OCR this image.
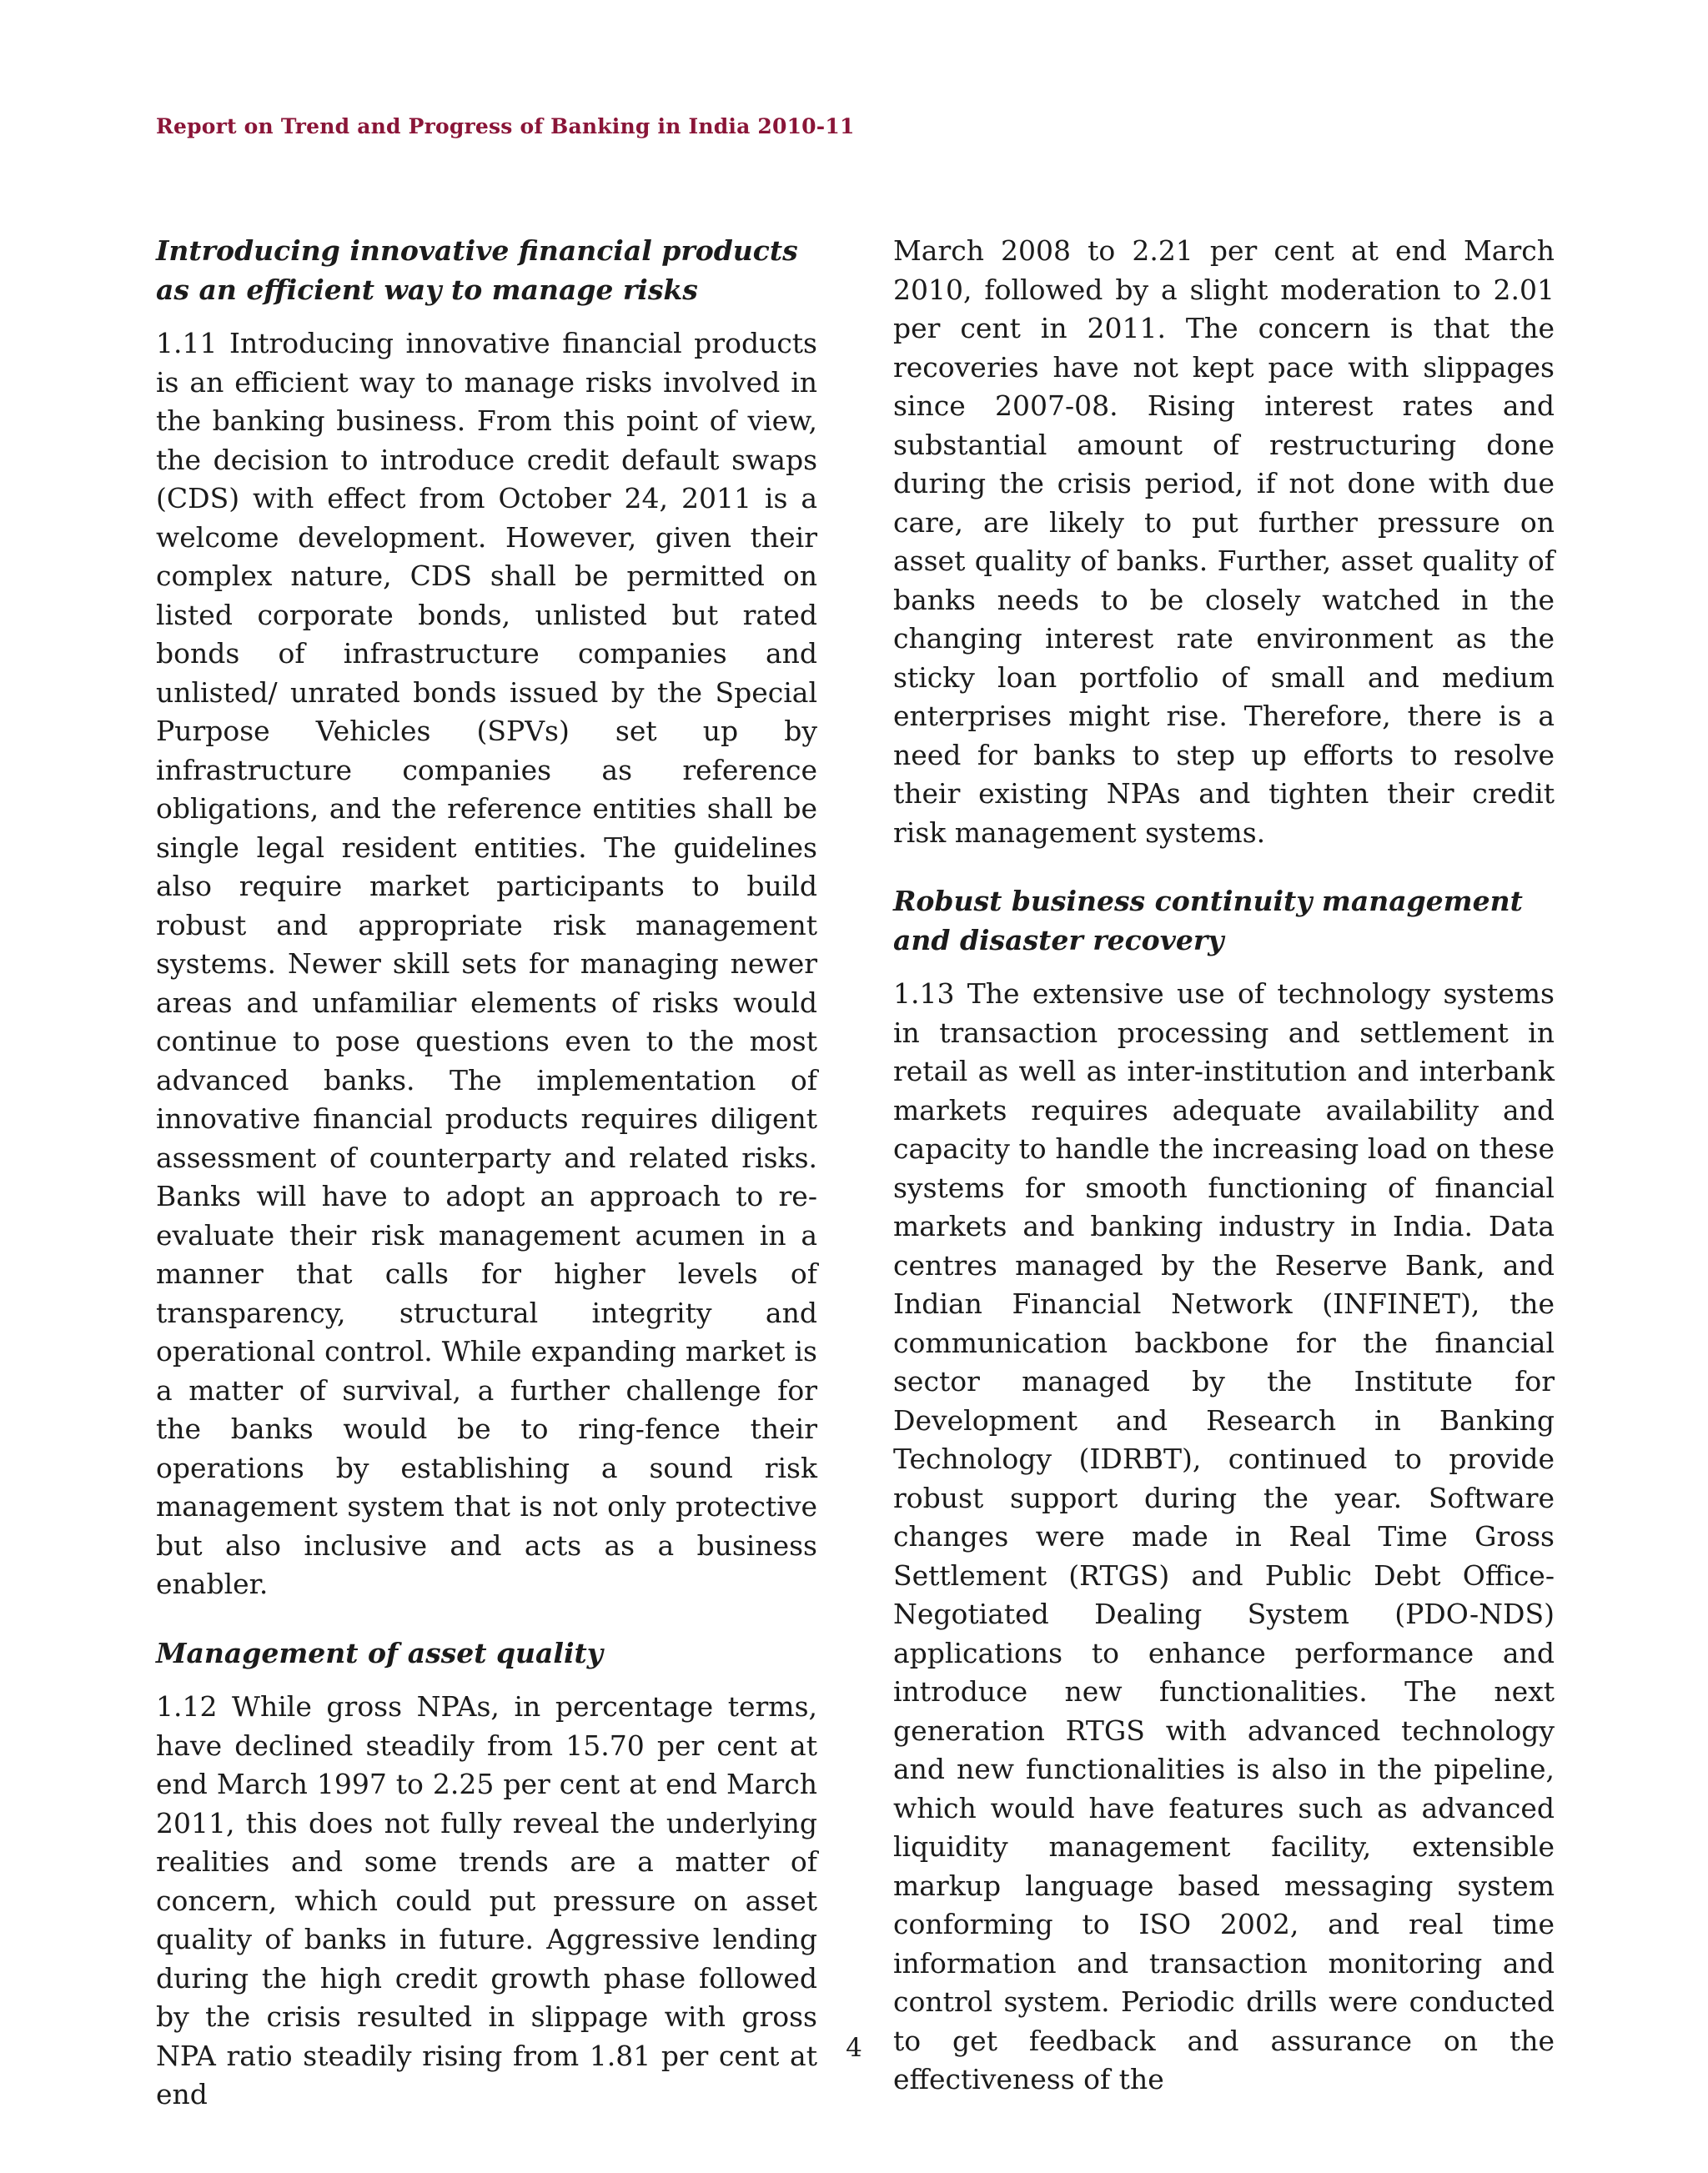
Report on Trend and Progress of Banking in India 2010-11
Introducing innovative financial products as an efficient way to manage risks

1.11 Introducing innovative financial products is an efficient way to manage risks involved in the banking business. From this point of view, the decision to introduce credit default swaps (CDS) with effect from October 24, 2011 is a welcome development. However, given their complex nature, CDS shall be permitted on listed corporate bonds, unlisted but rated bonds of infrastructure companies and unlisted/ unrated bonds issued by the Special Purpose Vehicles (SPVs) set up by infrastructure companies as reference obligations, and the reference entities shall be single legal resident entities. The guidelines also require market participants to build robust and appropriate risk management systems. Newer skill sets for managing newer areas and unfamiliar elements of risks would continue to pose questions even to the most advanced banks. The implementation of innovative financial products requires diligent assessment of counterparty and related risks. Banks will have to adopt an approach to re-evaluate their risk management acumen in a manner that calls for higher levels of transparency, structural integrity and operational control. While expanding market is a matter of survival, a further challenge for the banks would be to ring-fence their operations by establishing a sound risk management system that is not only protective but also inclusive and acts as a business enabler.

Management of asset quality

1.12 While gross NPAs, in percentage terms, have declined steadily from 15.70 per cent at end March 1997 to 2.25 per cent at end March 2011, this does not fully reveal the underlying realities and some trends are a matter of concern, which could put pressure on asset quality of banks in future. Aggressive lending during the high credit growth phase followed by the crisis resulted in slippage with gross NPA ratio steadily rising from 1.81 per cent at end

March 2008 to 2.21 per cent at end March 2010, followed by a slight moderation to 2.01 per cent in 2011. The concern is that the recoveries have not kept pace with slippages since 2007-08. Rising interest rates and substantial amount of restructuring done during the crisis period, if not done with due care, are likely to put further pressure on asset quality of banks. Further, asset quality of banks needs to be closely watched in the changing interest rate environment as the sticky loan portfolio of small and medium enterprises might rise. Therefore, there is a need for banks to step up efforts to resolve their existing NPAs and tighten their credit risk management systems.

Robust business continuity management and disaster recovery

1.13 The extensive use of technology systems in transaction processing and settlement in retail as well as inter-institution and interbank markets requires adequate availability and capacity to handle the increasing load on these systems for smooth functioning of financial markets and banking industry in India. Data centres managed by the Reserve Bank, and Indian Financial Network (INFINET), the communication backbone for the financial sector managed by the Institute for Development and Research in Banking Technology (IDRBT), continued to provide robust support during the year. Software changes were made in Real Time Gross Settlement (RTGS) and Public Debt Office-Negotiated Dealing System (PDO-NDS) applications to enhance performance and introduce new functionalities. The next generation RTGS with advanced technology and new functionalities is also in the pipeline, which would have features such as advanced liquidity management facility, extensible markup language based messaging system conforming to ISO 2002, and real time information and transaction monitoring and control system. Periodic drills were conducted to get feedback and assurance on the effectiveness of the

4
